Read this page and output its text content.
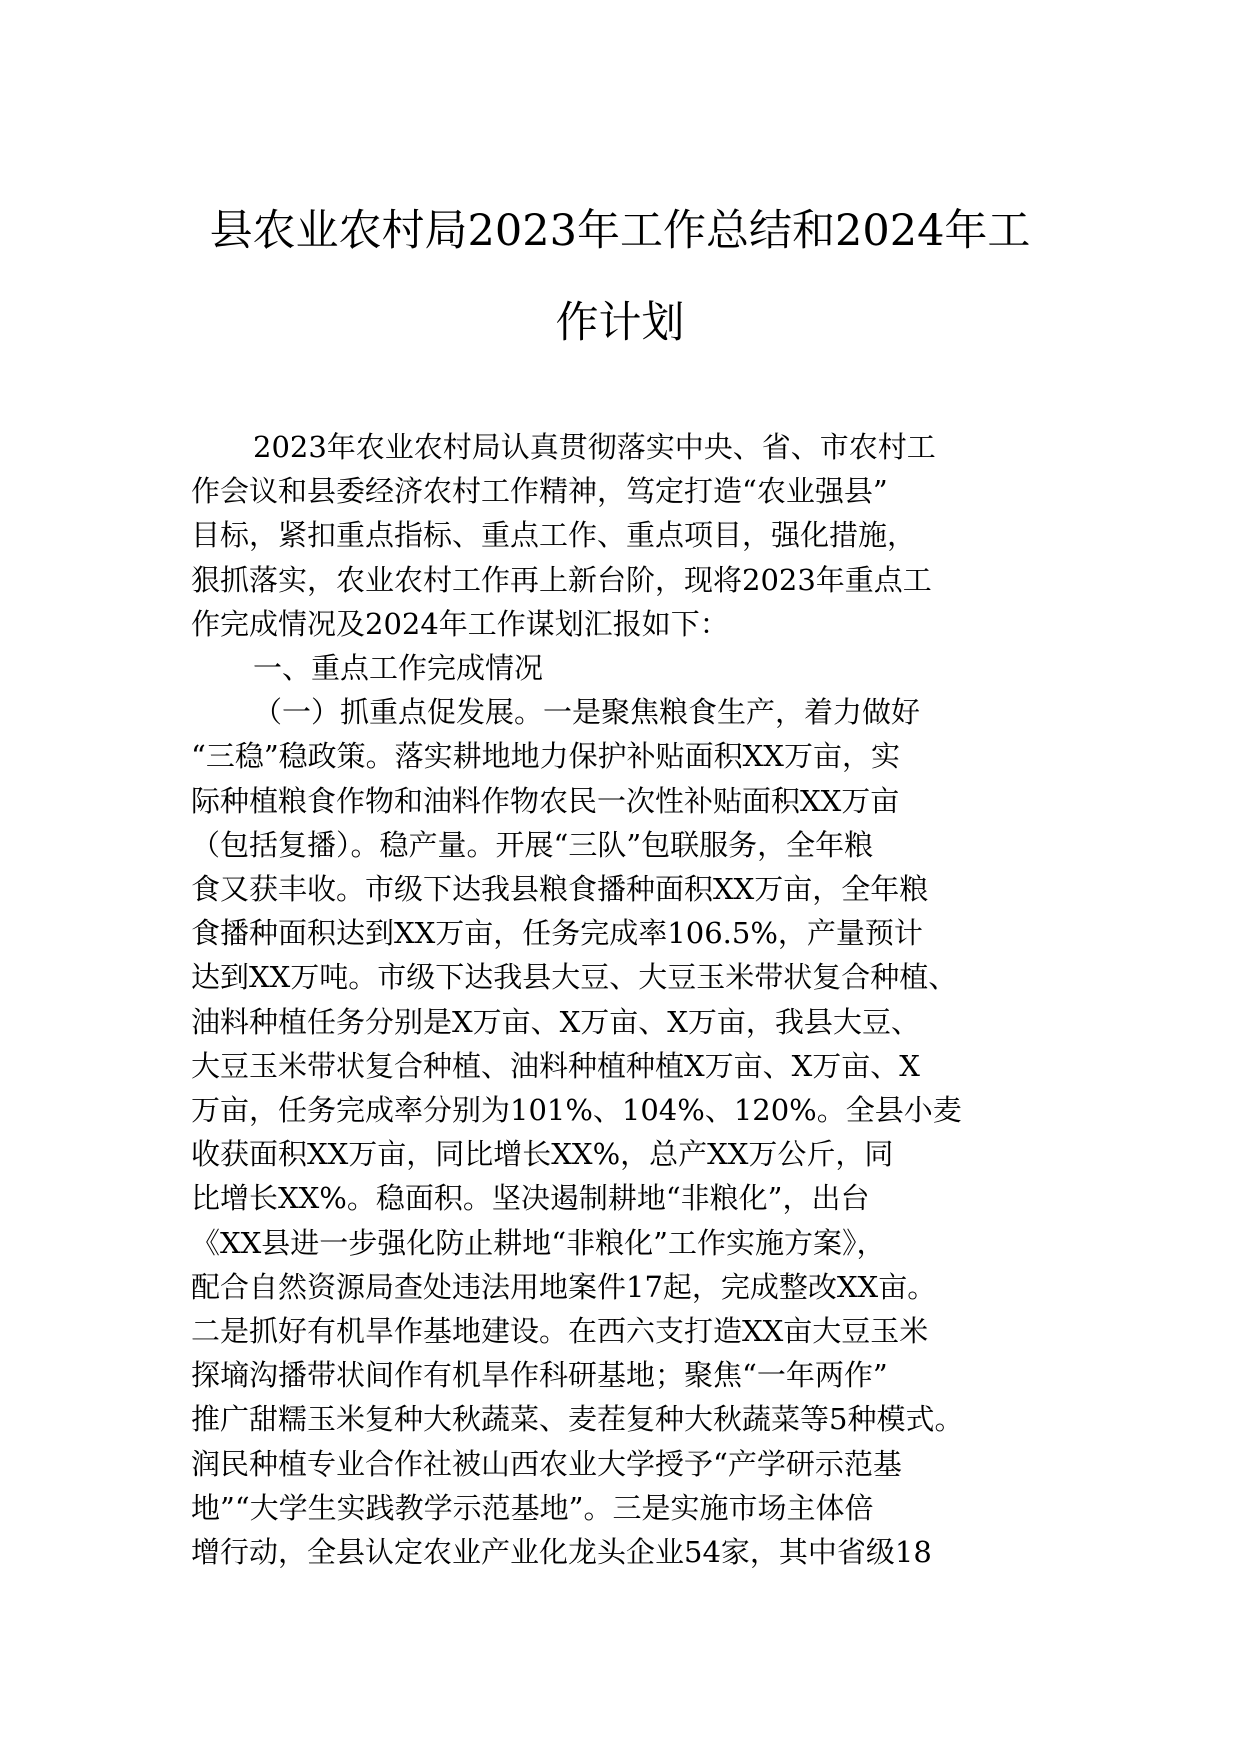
县农业农村局2023年工作总结和2024年工
作计划

2023年农业农村局认真贯彻落实中央、省、市农村工

作会议和县委经济农村工作精神，笃定打造“农业强县”

目标，紧扣重点指标、重点工作、重点项目，强化措施，

狠抓落实，农业农村工作再上新台阶，现将2023年重点工

作完成情况及2024年工作谋划汇报如下：

一、重点工作完成情况

（一）抓重点促发展。一是聚焦粮食生产，着力做好

“三稳”稳政策。落实耕地地力保护补贴面积XX万亩，实

际种植粮食作物和油料作物农民一次性补贴面积XX万亩

（包括复播）。稳产量。开展“三队”包联服务，全年粮

食又获丰收。市级下达我县粮食播种面积XX万亩，全年粮

食播种面积达到XX万亩，任务完成率106.5%，产量预计

达到XX万吨。市级下达我县大豆、大豆玉米带状复合种植、

油料种植任务分别是X万亩、X万亩、X万亩，我县大豆、

大豆玉米带状复合种植、油料种植种植X万亩、X万亩、X

万亩，任务完成率分别为101%、104%、120%。全县小麦

收获面积XX万亩，同比增长XX%，总产XX万公斤，同

比增长XX%。稳面积。坚决遏制耕地“非粮化”，出台

《XX县进一步强化防止耕地“非粮化”工作实施方案》，

配合自然资源局查处违法用地案件17起，完成整改XX亩。

二是抓好有机旱作基地建设。在西六支打造XX亩大豆玉米

探墒沟播带状间作有机旱作科研基地；聚焦“一年两作”

推广甜糯玉米复种大秋蔬菜、麦茬复种大秋蔬菜等5种模式。

润民种植专业合作社被山西农业大学授予“产学研示范基

地”“大学生实践教学示范基地”。三是实施市场主体倍

增行动，全县认定农业产业化龙头企业54家，其中省级18
